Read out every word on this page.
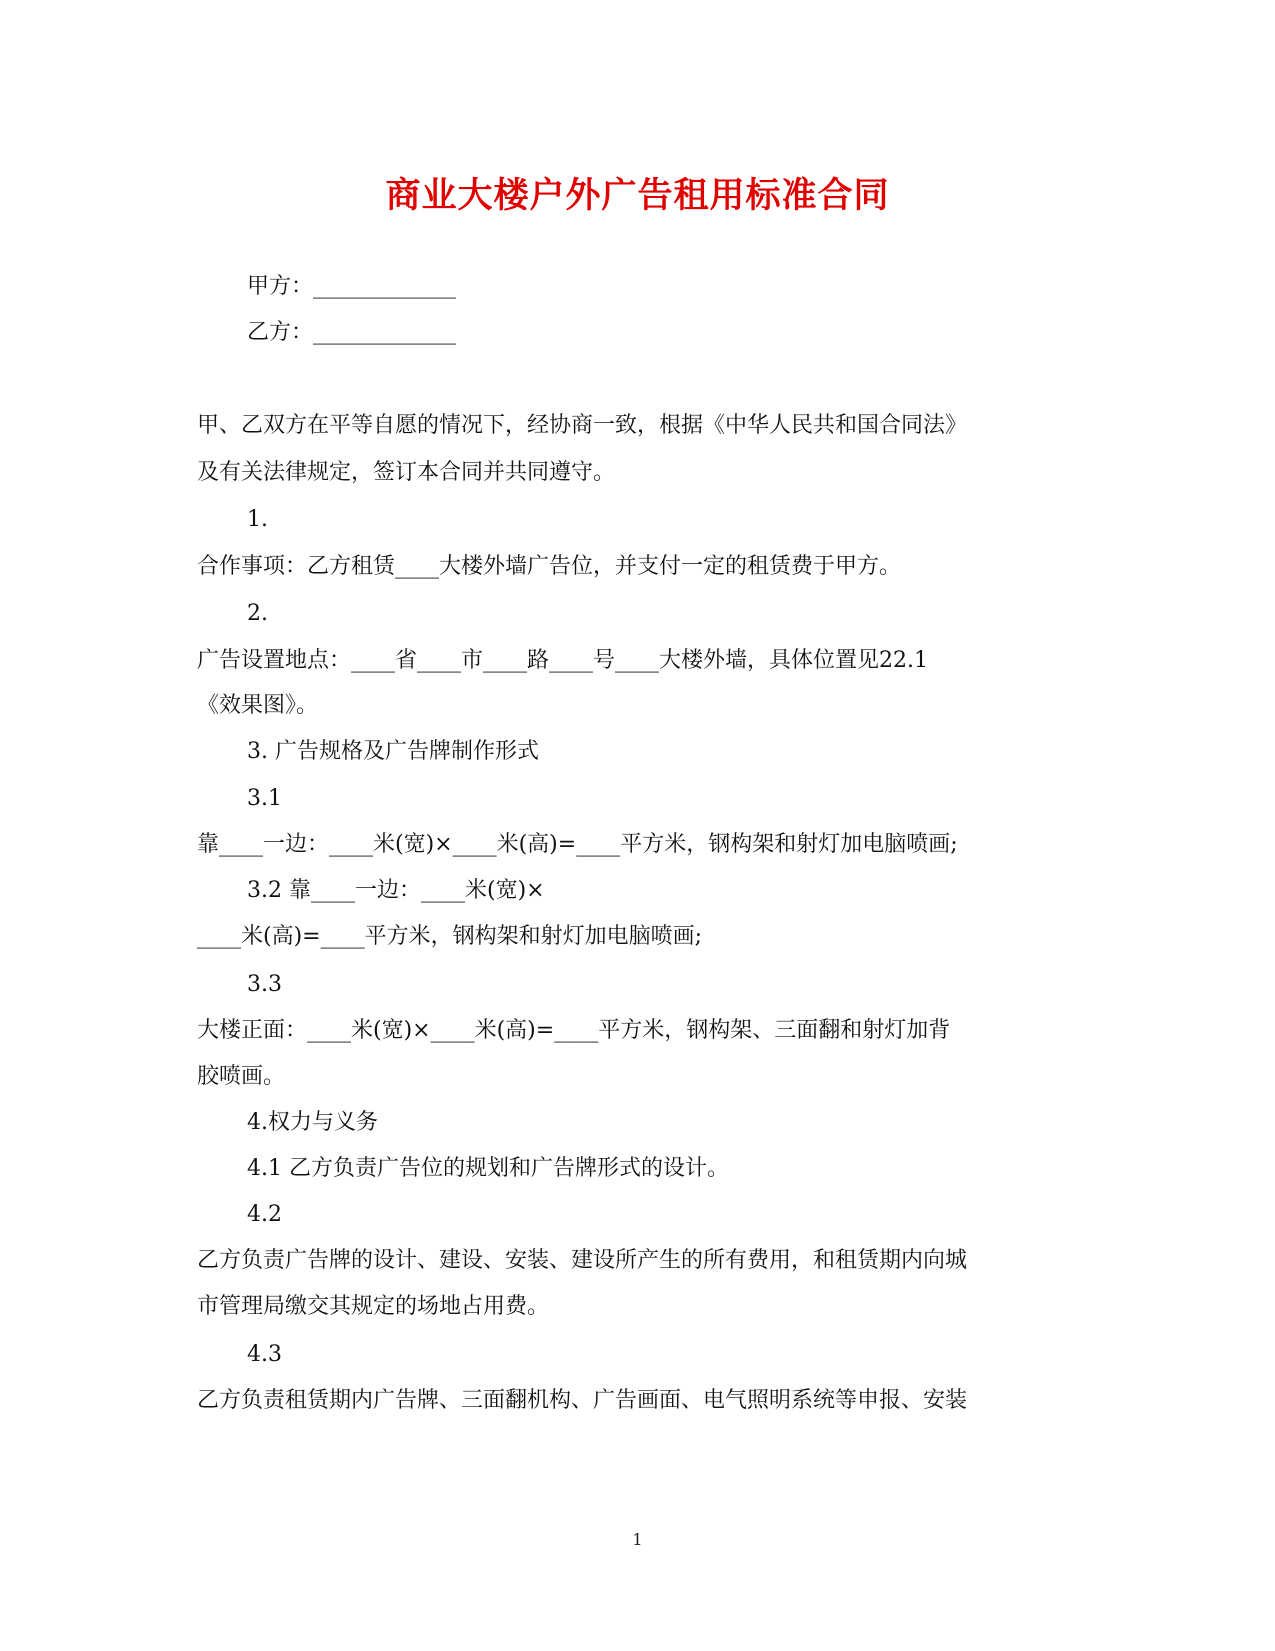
商业大楼户外广告租用标准合同
甲方：_____________
乙方：_____________
甲、乙双方在平等自愿的情况下，经协商一致，根据《中华人民共和国合同法》
及有关法律规定，签订本合同并共同遵守。
1.
合作事项：乙方租赁____大楼外墙广告位，并支付一定的租赁费于甲方。
2.
广告设置地点：____省____市____路____号____大楼外墙，具体位置见22.1
《效果图》。
3. 广告规格及广告牌制作形式
3.1
靠____一边：____米(宽)×____米(高)=____平方米，钢构架和射灯加电脑喷画;
3.2 靠____一边：____米(宽)×
____米(高)=____平方米，钢构架和射灯加电脑喷画;
3.3
大楼正面：____米(宽)×____米(高)=____平方米，钢构架、三面翻和射灯加背
胶喷画。
4.权力与义务
4.1 乙方负责广告位的规划和广告牌形式的设计。
4.2
乙方负责广告牌的设计、建设、安装、建设所产生的所有费用，和租赁期内向城
市管理局缴交其规定的场地占用费。
4.3
乙方负责租赁期内广告牌、三面翻机构、广告画面、电气照明系统等申报、安装
1
